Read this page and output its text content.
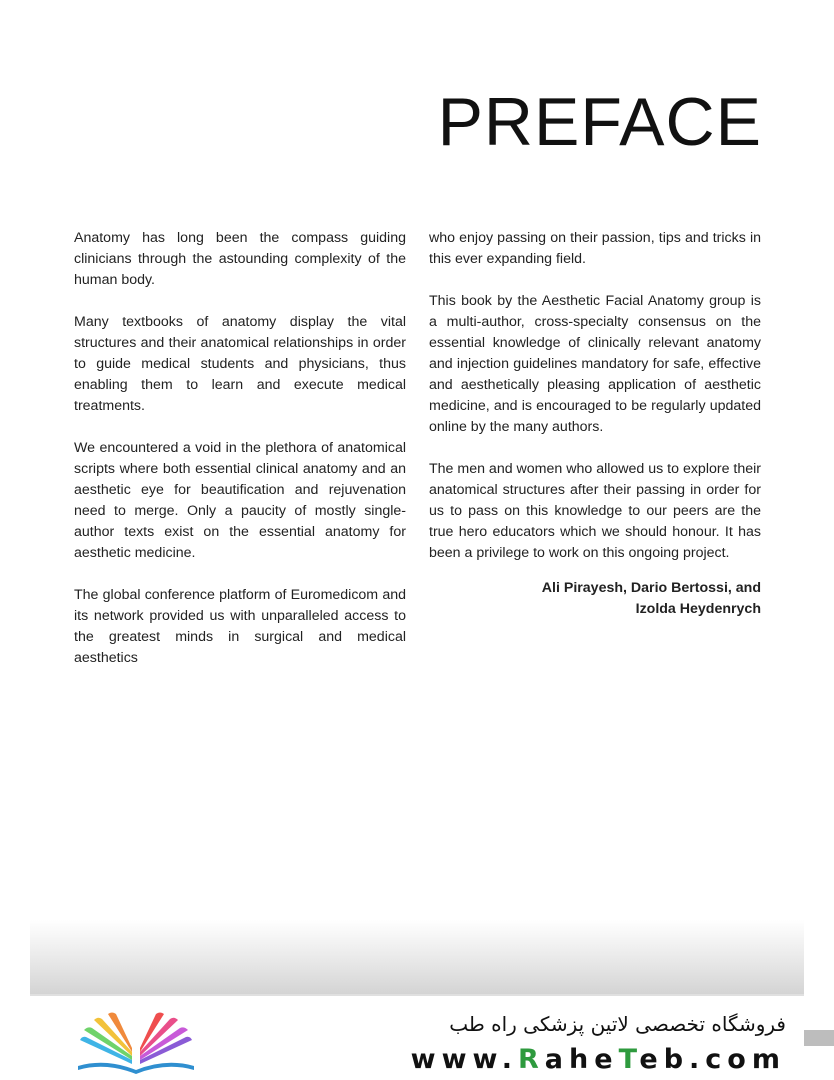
PREFACE

Anatomy has long been the compass guiding clinicians through the astounding complexity of the human body.

Many textbooks of anatomy display the vital structures and their anatomical relationships in order to guide medical students and physicians, thus enabling them to learn and execute medical treatments.

We encountered a void in the plethora of anatomical scripts where both essential clinical anatomy and an aesthetic eye for beautification and rejuvenation need to merge. Only a paucity of mostly single-author texts exist on the essential anatomy for aesthetic medicine.

The global conference platform of Euromedicom and its network provided us with unparalleled access to the greatest minds in surgical and medical aesthetics

who enjoy passing on their passion, tips and tricks in this ever expanding field.

This book by the Aesthetic Facial Anatomy group is a multi-author, cross-specialty consensus on the essential knowledge of clinically relevant anatomy and injection guidelines mandatory for safe, effective and aesthetically pleasing application of aesthetic medicine, and is encouraged to be regularly updated online by the many authors.

The men and women who allowed us to explore their anatomical structures after their passing in order for us to pass on this knowledge to our peers are the true hero educators which we should honour. It has been a privilege to work on this ongoing project.

Ali Pirayesh, Dario Bertossi, and
Izolda Heydenrych
فروشگاه تخصصی لاتین پزشکی راه طب
www.RaheTeb.com
